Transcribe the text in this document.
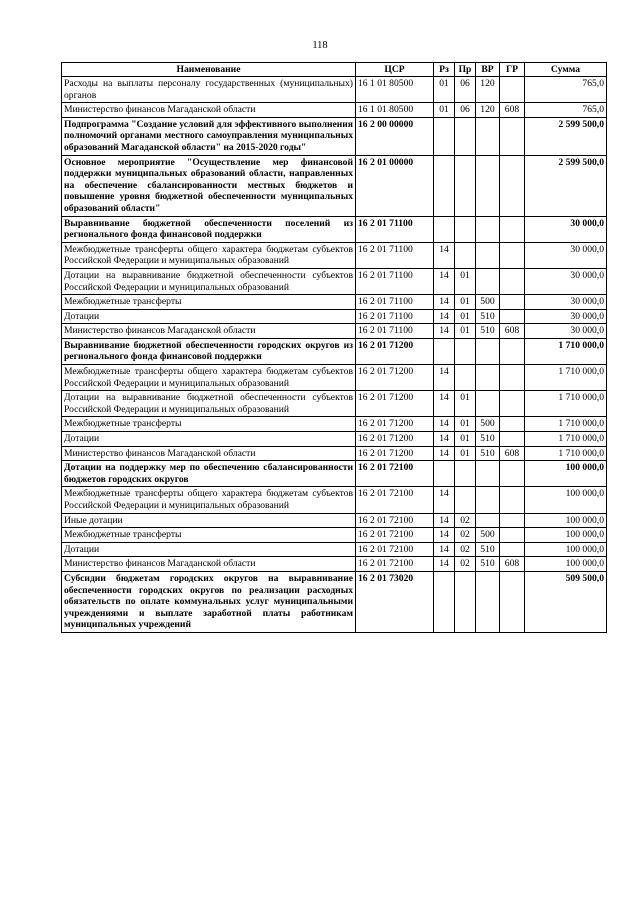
118
Наименование	ЦСР	Рз	Пр	ВР	ГР	Сумма
Расходы на выплаты персоналу государственных (муниципальных) органов	16 1 01 80500	01	06	120		765,0
Министерство финансов Магаданской области	16 1 01 80500	01	06	120	608	765,0
Подпрограмма "Создание условий для эффективного выполнения полномочий органами местного самоуправления муниципальных образований Магаданской области" на 2015-2020 годы"	16 2 00 00000					2 599 500,0
Основное мероприятие "Осуществление мер финансовой поддержки муниципальных образований области, направленных на обеспечение сбалансированности местных бюджетов и повышение уровня бюджетной обеспеченности муниципальных образований области"	16 2 01 00000					2 599 500,0
Выравнивание бюджетной обеспеченности поселений из регионального фонда финансовой поддержки	16 2 01 71100					30 000,0
Межбюджетные трансферты общего характера бюджетам субъектов Российской Федерации и муниципальных образований	16 2 01 71100	14				30 000,0
Дотации на выравнивание бюджетной обеспеченности субъектов Российской Федерации и муниципальных образований	16 2 01 71100	14	01			30 000,0
Межбюджетные трансферты	16 2 01 71100	14	01	500		30 000,0
Дотации	16 2 01 71100	14	01	510		30 000,0
Министерство финансов Магаданской области	16 2 01 71100	14	01	510	608	30 000,0
Выравнивание бюджетной обеспеченности городских округов из регионального фонда финансовой поддержки	16 2 01 71200					1 710 000,0
Межбюджетные трансферты общего характера бюджетам субъектов Российской Федерации и муниципальных образований	16 2 01 71200	14				1 710 000,0
Дотации на выравнивание бюджетной обеспеченности субъектов Российской Федерации и муниципальных образований	16 2 01 71200	14	01			1 710 000,0
Межбюджетные трансферты	16 2 01 71200	14	01	500		1 710 000,0
Дотации	16 2 01 71200	14	01	510		1 710 000,0
Министерство финансов Магаданской области	16 2 01 71200	14	01	510	608	1 710 000,0
Дотации на поддержку мер по обеспечению сбалансированности бюджетов городских округов	16 2 01 72100					100 000,0
Межбюджетные трансферты общего характера бюджетам субъектов Российской Федерации и муниципальных образований	16 2 01 72100	14				100 000,0
Иные дотации	16 2 01 72100	14	02			100 000,0
Межбюджетные трансферты	16 2 01 72100	14	02	500		100 000,0
Дотации	16 2 01 72100	14	02	510		100 000,0
Министерство финансов Магаданской области	16 2 01 72100	14	02	510	608	100 000,0
Субсидии бюджетам городских округов на выравнивание обеспеченности городских округов по реализации расходных обязательств по оплате коммунальных услуг муниципальными учреждениями и выплате заработной платы работникам муниципальных учреждений	16 2 01 73020					509 500,0
